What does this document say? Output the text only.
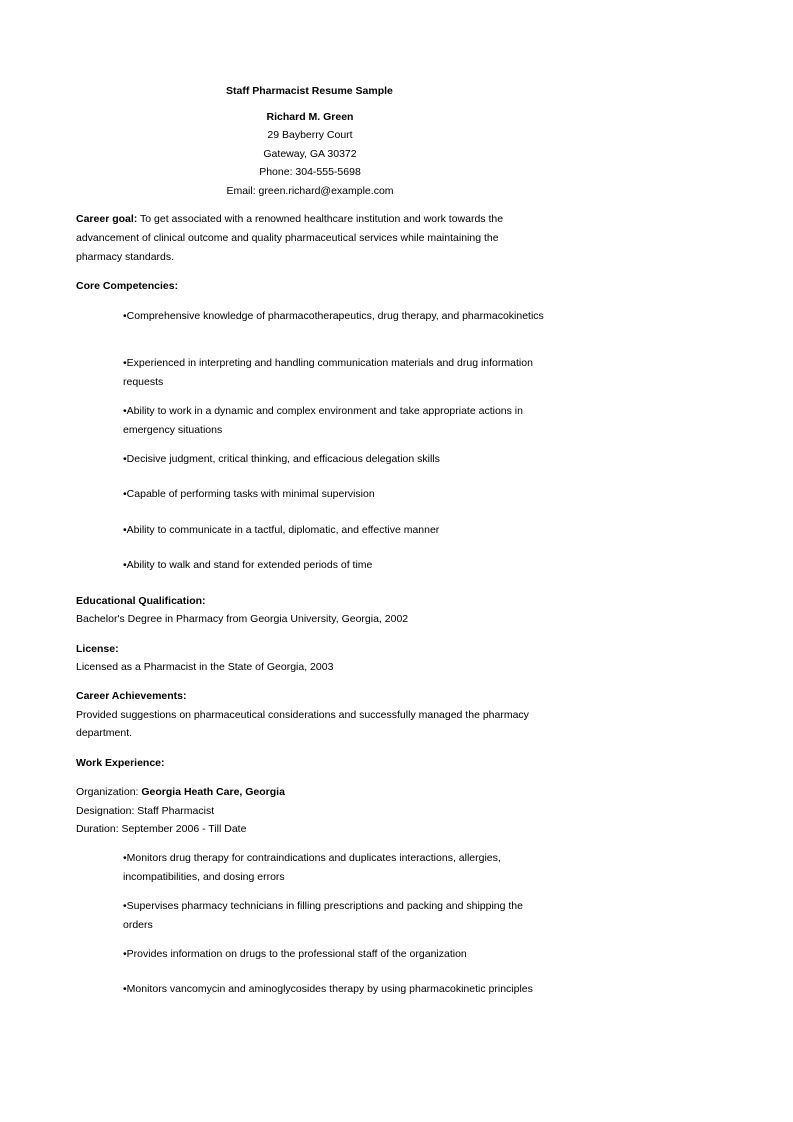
Staff Pharmacist Resume Sample
Richard M. Green
29 Bayberry Court
Gateway, GA 30372
Phone: 304-555-5698
Email: green.richard@example.com
Career goal: To get associated with a renowned healthcare institution and work towards the
advancement of clinical outcome and quality pharmaceutical services while maintaining the
pharmacy standards.
Core Competencies:
•Comprehensive knowledge of pharmacotherapeutics, drug therapy, and pharmacokinetics
•Experienced in interpreting and handling communication materials and drug information requests
•Ability to work in a dynamic and complex environment and take appropriate actions in emergency situations
•Decisive judgment, critical thinking, and efficacious delegation skills
•Capable of performing tasks with minimal supervision
•Ability to communicate in a tactful, diplomatic, and effective manner
•Ability to walk and stand for extended periods of time
Educational Qualification:
Bachelor's Degree in Pharmacy from Georgia University, Georgia, 2002
License:
Licensed as a Pharmacist in the State of Georgia, 2003
Career Achievements:
Provided suggestions on pharmaceutical considerations and successfully managed the pharmacy
department.
Work Experience:
Organization: Georgia Heath Care, Georgia
Designation: Staff Pharmacist
Duration: September 2006 - Till Date
•Monitors drug therapy for contraindications and duplicates interactions, allergies, incompatibilities, and dosing errors
•Supervises pharmacy technicians in filling prescriptions and packing and shipping the orders
•Provides information on drugs to the professional staff of the organization
•Monitors vancomycin and aminoglycosides therapy by using pharmacokinetic principles
